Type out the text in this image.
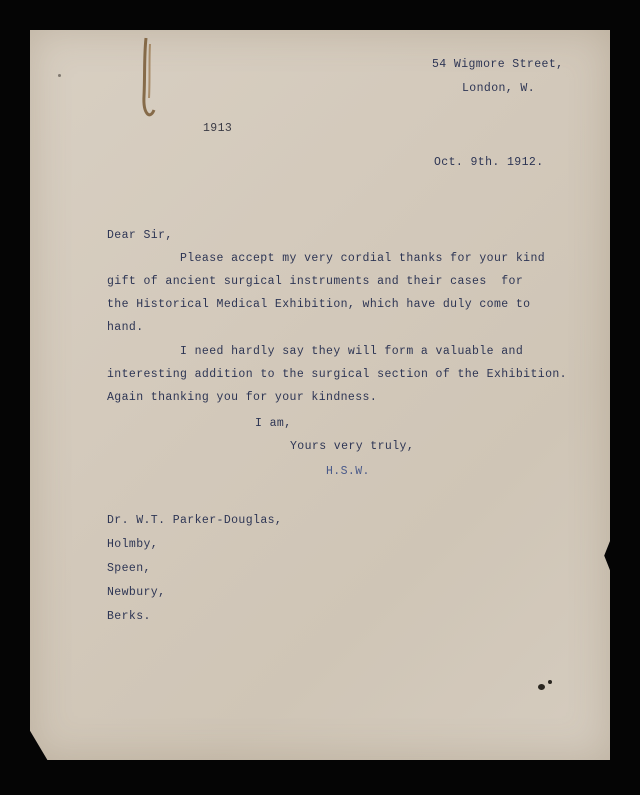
54 Wigmore Street,
London, W.
1913
Oct. 9th. 1912.
Dear Sir,
Please accept my very cordial thanks for your kind
gift of ancient surgical instruments and their cases  for
the Historical Medical Exhibition, which have duly come to
hand.
I need hardly say they will form a valuable and
interesting addition to the surgical section of the Exhibition.
Again thanking you for your kindness.
I am,
Yours very truly,
H.S.W.
Dr. W.T. Parker-Douglas,
Holmby,
Speen,
Newbury,
Berks.
